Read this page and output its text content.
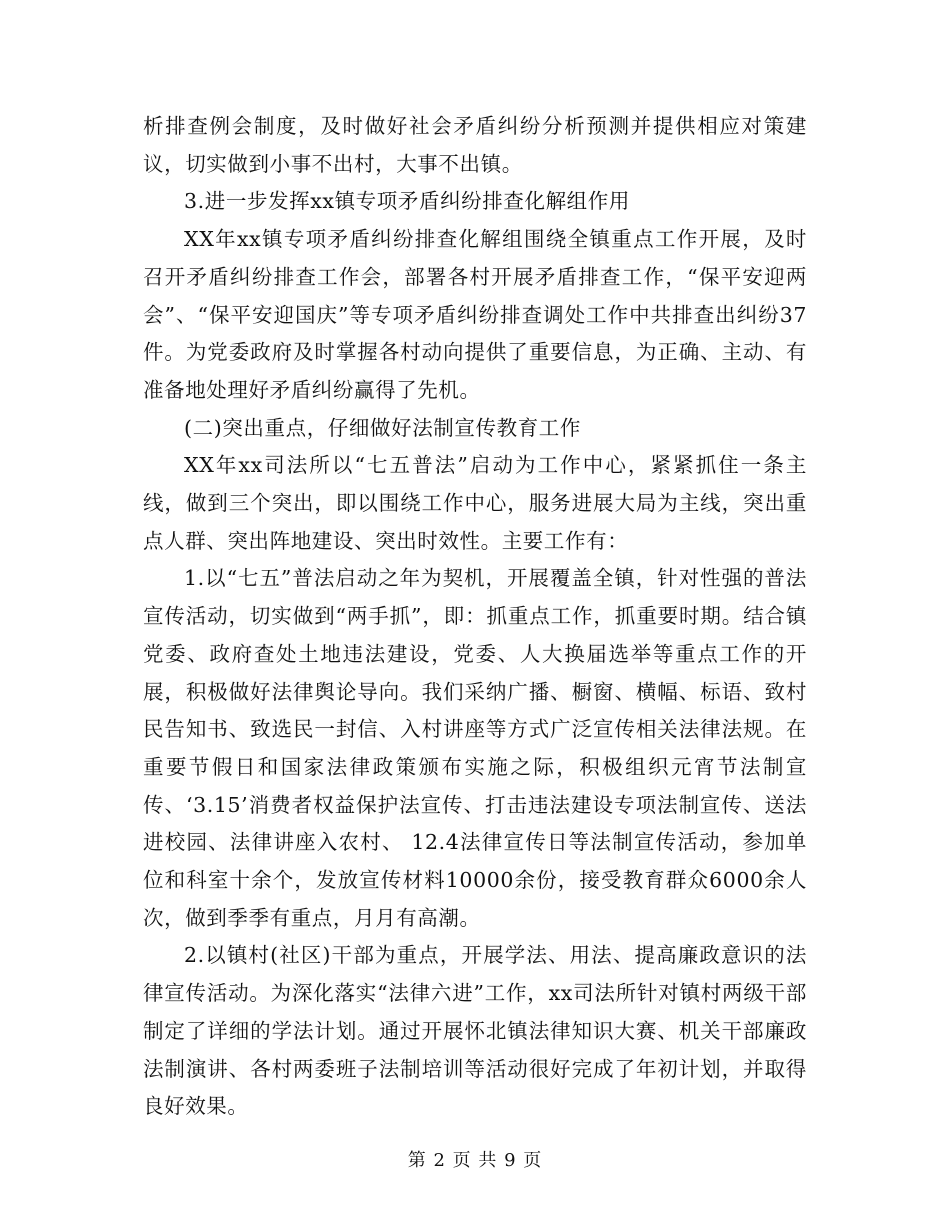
析排查例会制度，及时做好社会矛盾纠纷分析预测并提供相应对策建议，切实做到小事不出村，大事不出镇。

3.进一步发挥xx镇专项矛盾纠纷排查化解组作用

XX年xx镇专项矛盾纠纷排查化解组围绕全镇重点工作开展，及时召开矛盾纠纷排查工作会，部署各村开展矛盾排查工作，“保平安迎两会”、“保平安迎国庆”等专项矛盾纠纷排查调处工作中共排查出纠纷37件。为党委政府及时掌握各村动向提供了重要信息，为正确、主动、有准备地处理好矛盾纠纷赢得了先机。

(二)突出重点，仔细做好法制宣传教育工作

XX年xx司法所以“七五普法”启动为工作中心，紧紧抓住一条主线，做到三个突出，即以围绕工作中心，服务进展大局为主线，突出重点人群、突出阵地建设、突出时效性。主要工作有：

1.以“七五”普法启动之年为契机，开展覆盖全镇，针对性强的普法宣传活动，切实做到“两手抓”，即：抓重点工作，抓重要时期。结合镇党委、政府查处土地违法建设，党委、人大换届选举等重点工作的开展，积极做好法律舆论导向。我们采纳广播、橱窗、横幅、标语、致村民告知书、致选民一封信、入村讲座等方式广泛宣传相关法律法规。在重要节假日和国家法律政策颁布实施之际，积极组织元宵节法制宣传、‘3.15’消费者权益保护法宣传、打击违法建设专项法制宣传、送法进校园、法律讲座入农村、 12.4法律宣传日等法制宣传活动，参加单位和科室十余个，发放宣传材料10000余份，接受教育群众6000余人次，做到季季有重点，月月有高潮。

2.以镇村(社区)干部为重点，开展学法、用法、提高廉政意识的法律宣传活动。为深化落实“法律六进”工作，xx司法所针对镇村两级干部制定了详细的学法计划。通过开展怀北镇法律知识大赛、机关干部廉政法制演讲、各村两委班子法制培训等活动很好完成了年初计划，并取得良好效果。

第 2 页 共 9 页
